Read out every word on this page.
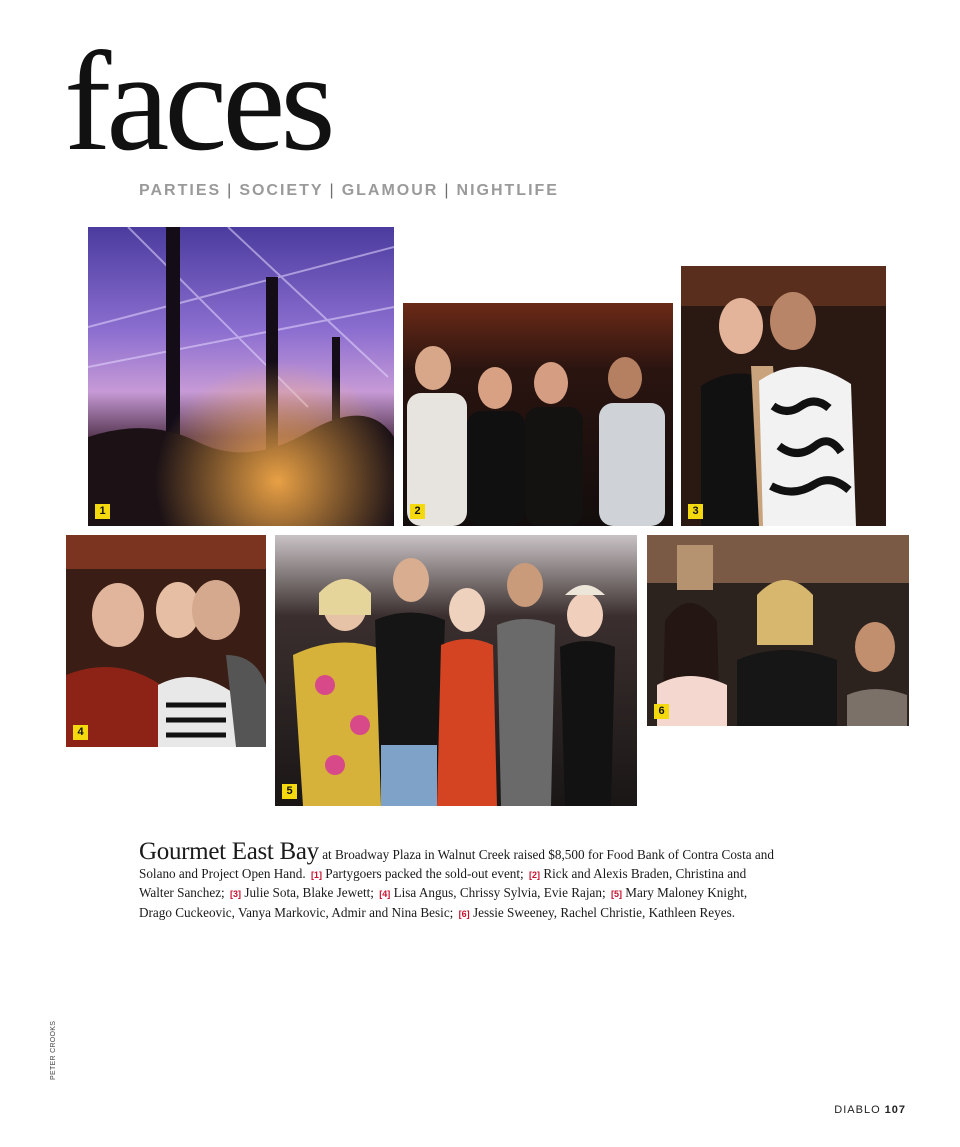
faces
PARTIES | SOCIETY | GLAMOUR | NIGHTLIFE
1	2	3
4
5
6
Gourmet East Bay at Broadway Plaza in Walnut Creek raised $8,500 for Food Bank of Contra Costa and Solano and Project Open Hand. [1] Partygoers packed the sold-out event; [2] Rick and Alexis Braden, Christina and Walter Sanchez; [3] Julie Sota, Blake Jewett; [4] Lisa Angus, Chrissy Sylvia, Evie Rajan; [5] Mary Maloney Knight, Drago Cuckeovic, Vanya Markovic, Admir and Nina Besic; [6] Jessie Sweeney, Rachel Christie, Kathleen Reyes.
PETER CROOKS
DIABLO 107
